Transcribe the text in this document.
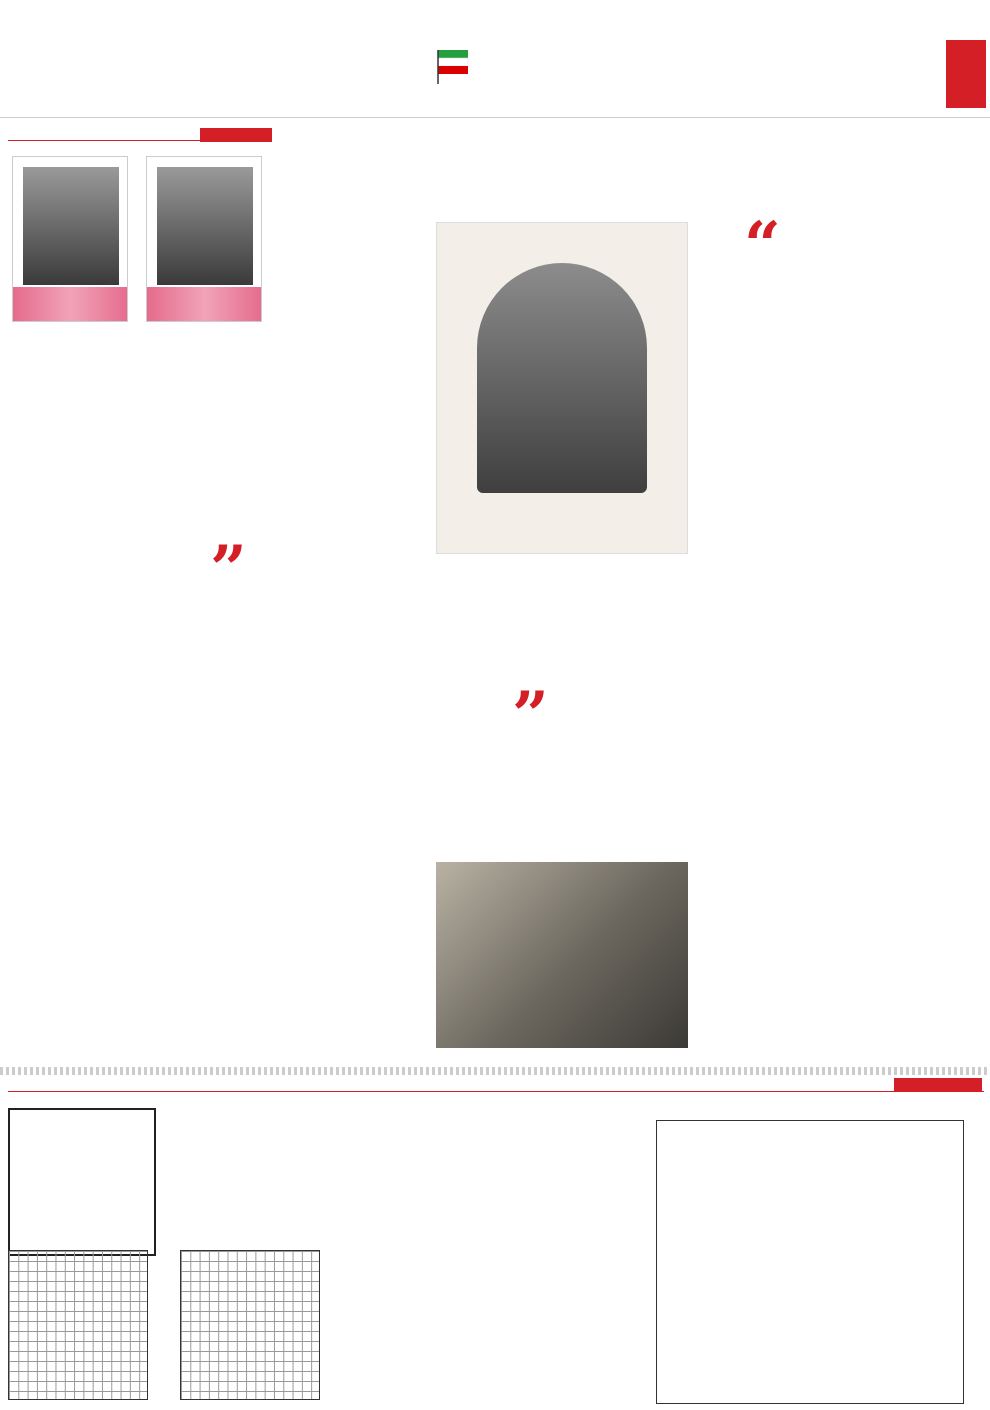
”
“
”
